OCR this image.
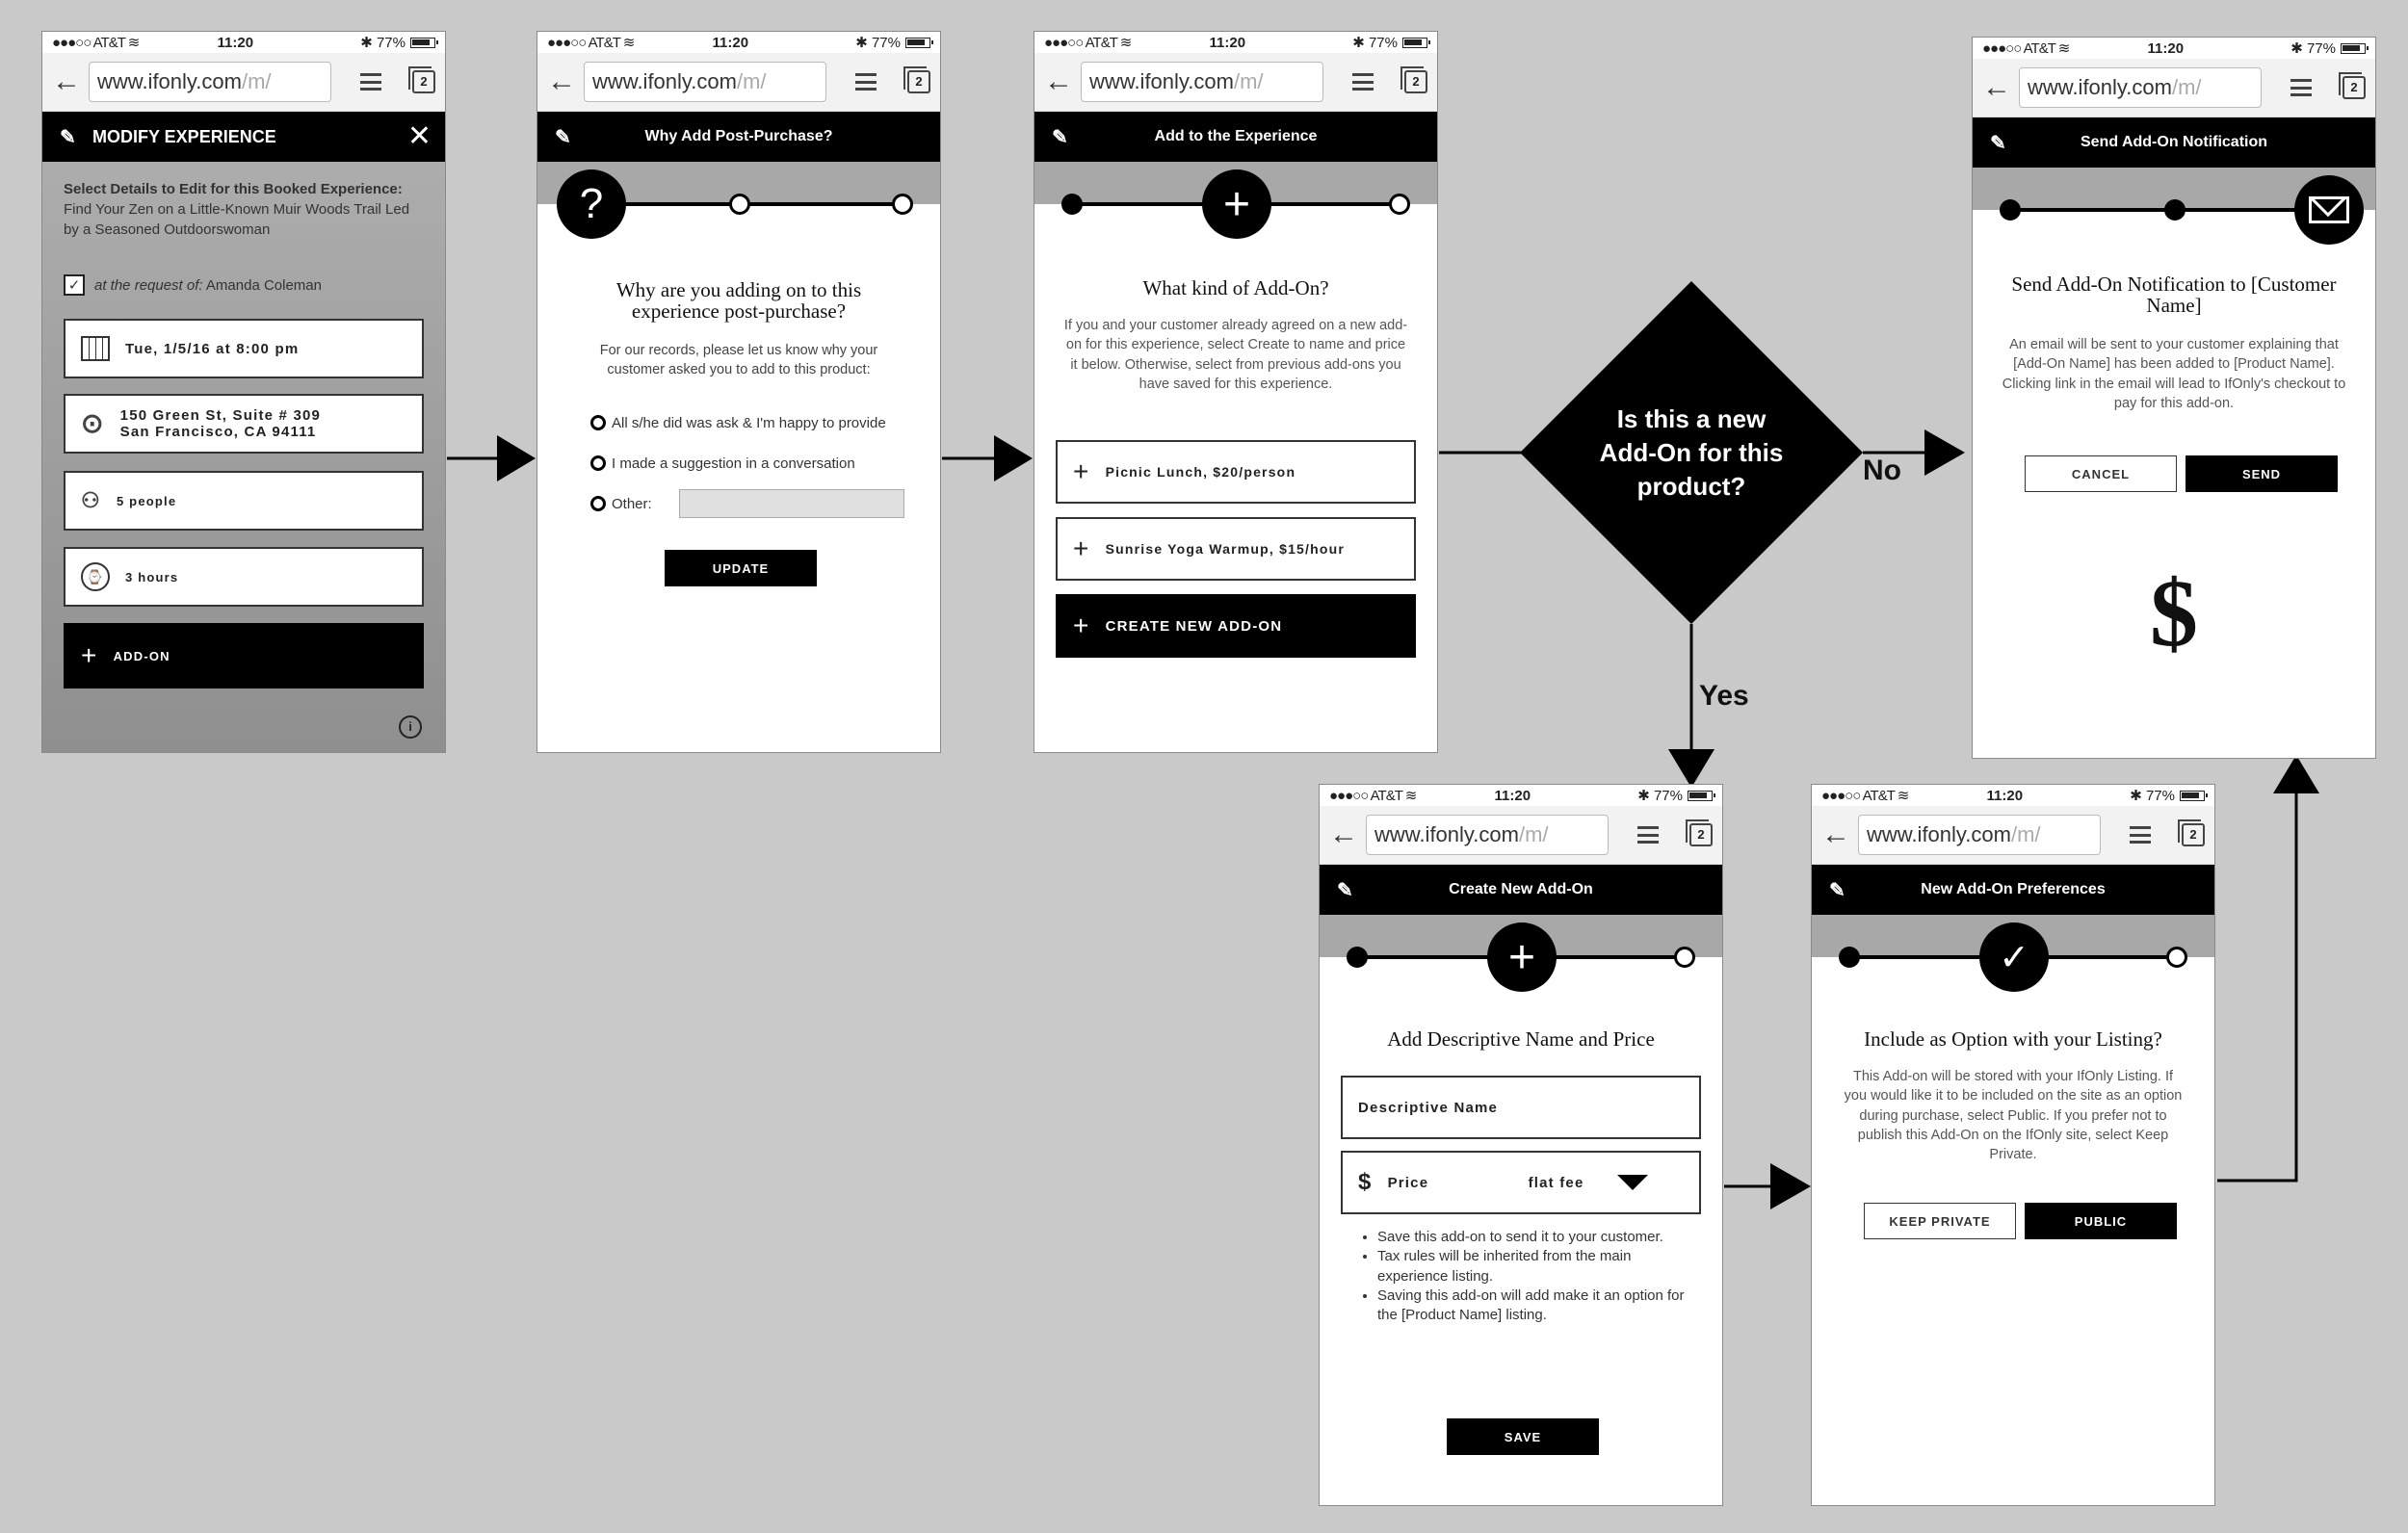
Is this a new
Add-On for this
product?	No
Yes
●●●○○ AT&T ≋	11:20	✱ 77%
← www.ifonly.com /m/	2
✎ MODIFY EXPERIENCE	✕
Select Details to Edit for this Booked Experience:
Find Your Zen on a Little-Known Muir Woods Trail Led by a Seasoned Outdoorswoman
✓ at the request of: Amanda Coleman
Tue, 1/5/16 at 8:00 pm
⊙ 150 Green St, Suite # 309
San Francisco, CA 94111
⚇ 5 people
⌚	3 hours
+ ADD-ON
i
●●●○○ AT&T ≋	11:20	✱ 77%
← www.ifonly.com /m/	2
✎	Why Add Post-Purchase?
?
Why are you adding on to this experience post-purchase?
For our records, please let us know why your customer asked you to add to this product:
All s/he did was ask & I'm happy to provide
I made a suggestion in a conversation
Other:
UPDATE
●●●○○ AT&T ≋	11:20	✱ 77%
← www.ifonly.com /m/	2
✎	Add to the Experience
+
What kind of Add-On?
If you and your customer already agreed on a new add-on for this experience, select Create to name and price it below. Otherwise, select from previous add-ons you have saved for this experience.
+ Picnic Lunch, $20/person
+ Sunrise Yoga Warmup, $15/hour
+ CREATE NEW ADD-ON
●●●○○ AT&T ≋	11:20	✱ 77%
← www.ifonly.com /m/	2
✎	Send Add-On Notification
Send Add-On Notification to [Customer Name]
An email will be sent to your customer explaining that [Add-On Name] has been added to [Product Name]. Clicking link in the email will lead to IfOnly's checkout to pay for this add-on.
CANCEL	SEND
$
●●●○○ AT&T ≋	11:20	✱ 77%
← www.ifonly.com /m/	2
✎	Create New Add-On
+
Add Descriptive Name and Price
Descriptive Name
$ Price	flat fee
• Save this add-on to send it to your customer.
• Tax rules will be inherited from the main experience listing.
• Saving this add-on will add make it an option for the [Product Name] listing.
SAVE
●●●○○ AT&T ≋	11:20	✱ 77%
← www.ifonly.com /m/	2
✎	New Add-On Preferences
✓
Include as Option with your Listing?
This Add-on will be stored with your IfOnly Listing. If you would like it to be included on the site as an option during purchase, select Public. If you prefer not to publish this Add-On on the IfOnly site, select Keep Private.
KEEP PRIVATE	PUBLIC
